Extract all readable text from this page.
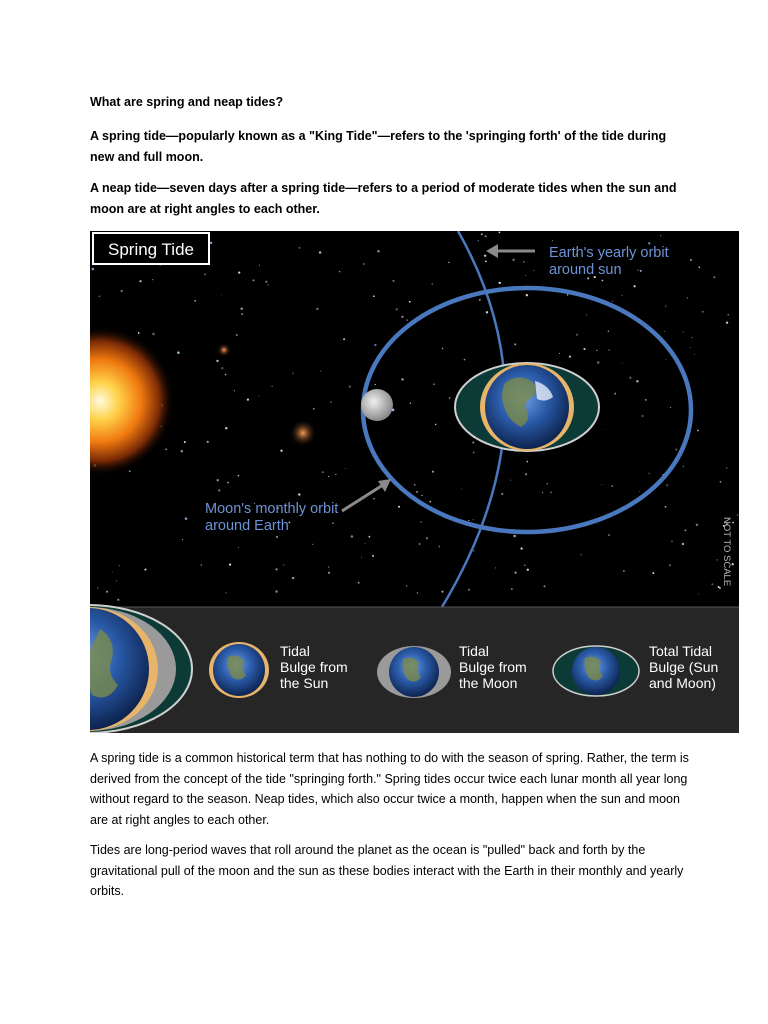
What are spring and neap tides?
A spring tide—popularly known as a "King Tide"—refers to the 'springing forth' of the tide during new and full moon.
A neap tide—seven days after a spring tide—refers to a period of moderate tides when the sun and moon are at right angles to each other.
Spring Tide	Earth's yearly orbit
around sun
Moon's monthly orbit
around Earth	NOT TO SCALE
Tidal
Bulge from
the Sun
Tidal
Bulge from
the Moon
Total Tidal
Bulge (Sun
and Moon)
A spring tide is a common historical term that has nothing to do with the season of spring. Rather, the term is derived from the concept of the tide "springing forth." Spring tides occur twice each lunar month all year long without regard to the season. Neap tides, which also occur twice a month, happen when the sun and moon are at right angles to each other.
Tides are long-period waves that roll around the planet as the ocean is "pulled" back and forth by the gravitational pull of the moon and the sun as these bodies interact with the Earth in their monthly and yearly orbits.
